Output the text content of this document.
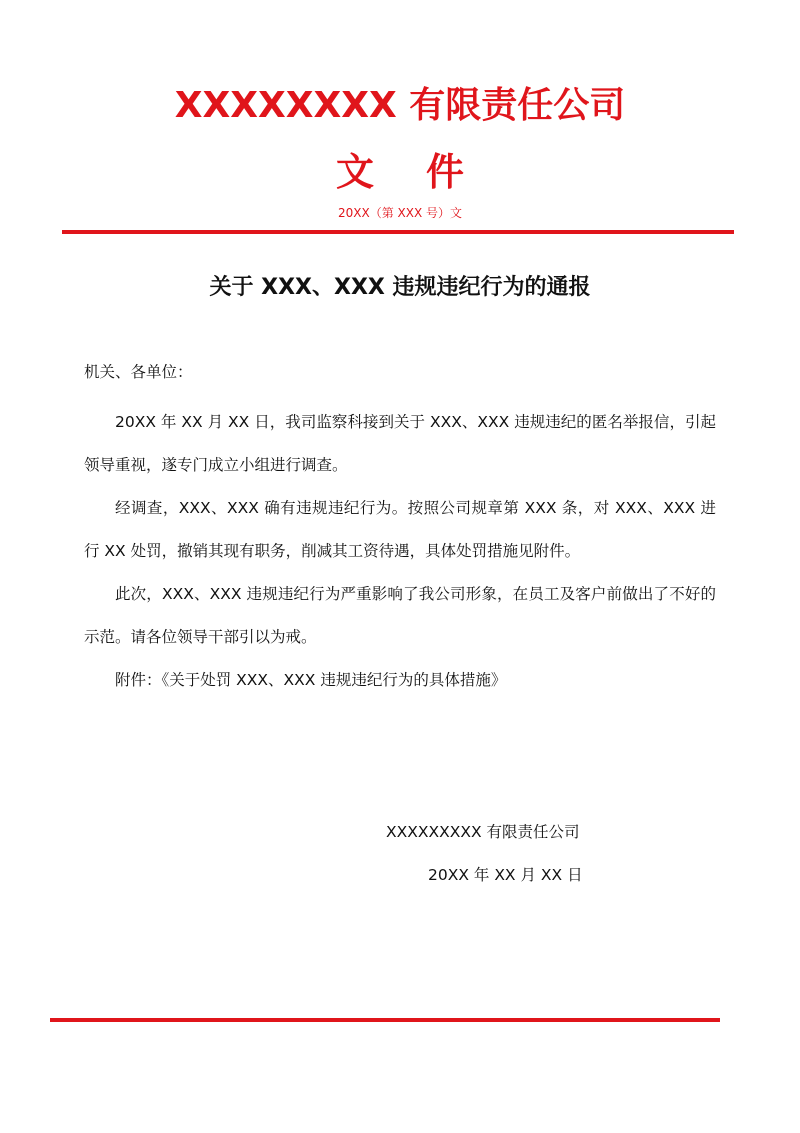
XXXXXXXX 有限责任公司
文件
20XX（第 XXX 号）文
关于 XXX、XXX 违规违纪行为的通报
机关、各单位：

20XX 年 XX 月 XX 日，我司监察科接到关于 XXX、XXX 违规违纪的匿名举报信，引起领导重视，遂专门成立小组进行调查。

经调查，XXX、XXX 确有违规违纪行为。按照公司规章第 XXX 条，对 XXX、XXX 进行 XX 处罚，撤销其现有职务，削减其工资待遇，具体处罚措施见附件。

此次，XXX、XXX 违规违纪行为严重影响了我公司形象，在员工及客户前做出了不好的示范。请各位领导干部引以为戒。

附件：《关于处罚 XXX、XXX 违规违纪行为的具体措施》

XXXXXXXXX 有限责任公司
20XX 年 XX 月 XX 日
